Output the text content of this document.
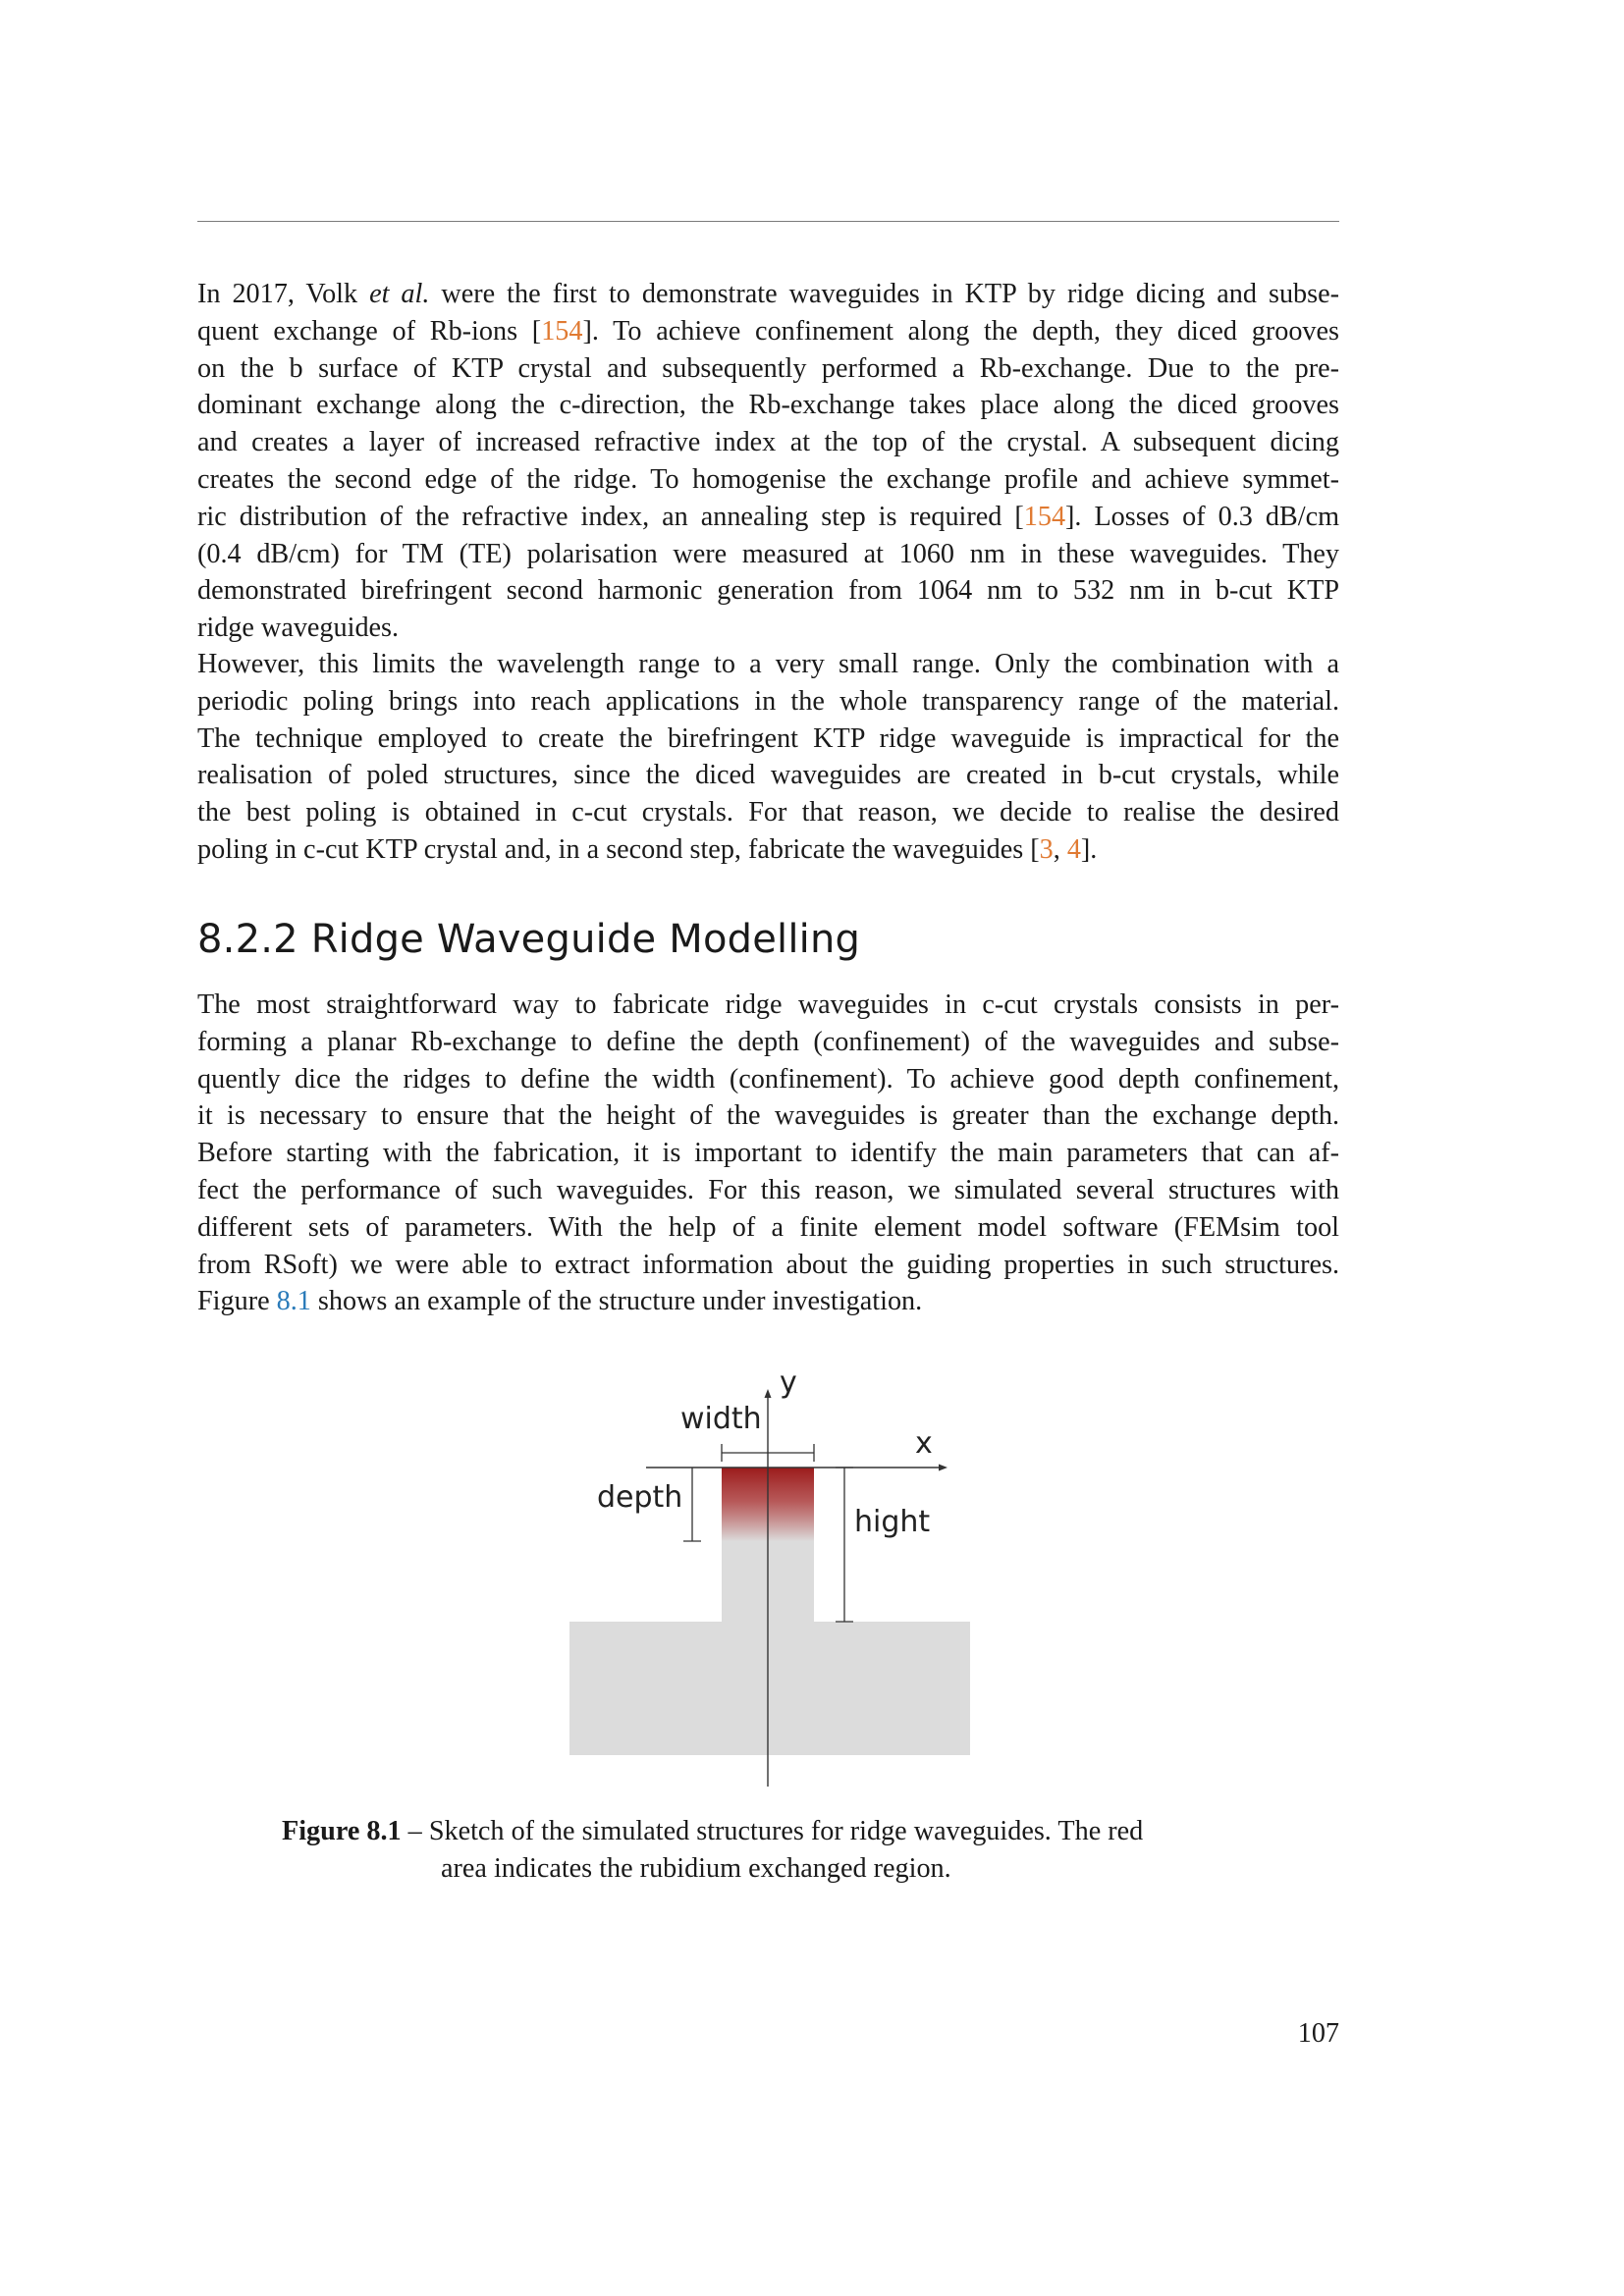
In 2017, Volk et al. were the first to demonstrate waveguides in KTP by ridge dicing and subse-
quent exchange of Rb-ions [154]. To achieve confinement along the depth, they diced grooves
on the b surface of KTP crystal and subsequently performed a Rb-exchange. Due to the pre-
dominant exchange along the c-direction, the Rb-exchange takes place along the diced grooves
and creates a layer of increased refractive index at the top of the crystal. A subsequent dicing
creates the second edge of the ridge. To homogenise the exchange profile and achieve symmet-
ric distribution of the refractive index, an annealing step is required [154]. Losses of 0.3 dB/cm
(0.4 dB/cm) for TM (TE) polarisation were measured at 1060 nm in these waveguides. They
demonstrated birefringent second harmonic generation from 1064 nm to 532 nm in b-cut KTP
ridge waveguides.
However, this limits the wavelength range to a very small range. Only the combination with a
periodic poling brings into reach applications in the whole transparency range of the material.
The technique employed to create the birefringent KTP ridge waveguide is impractical for the
realisation of poled structures, since the diced waveguides are created in b-cut crystals, while
the best poling is obtained in c-cut crystals. For that reason, we decide to realise the desired
poling in c-cut KTP crystal and, in a second step, fabricate the waveguides [3, 4].
8.2.2 Ridge Waveguide Modelling
The most straightforward way to fabricate ridge waveguides in c-cut crystals consists in per-
forming a planar Rb-exchange to define the depth (confinement) of the waveguides and subse-
quently dice the ridges to define the width (confinement). To achieve good depth confinement,
it is necessary to ensure that the height of the waveguides is greater than the exchange depth.
Before starting with the fabrication, it is important to identify the main parameters that can af-
fect the performance of such waveguides. For this reason, we simulated several structures with
different sets of parameters. With the help of a finite element model software (FEMsim tool
from RSoft) we were able to extract information about the guiding properties in such structures.
Figure 8.1 shows an example of the structure under investigation.
y
x
width
depth
hight
Figure 8.1 – Sketch of the simulated structures for ridge waveguides. The red
area indicates the rubidium exchanged region.
107
